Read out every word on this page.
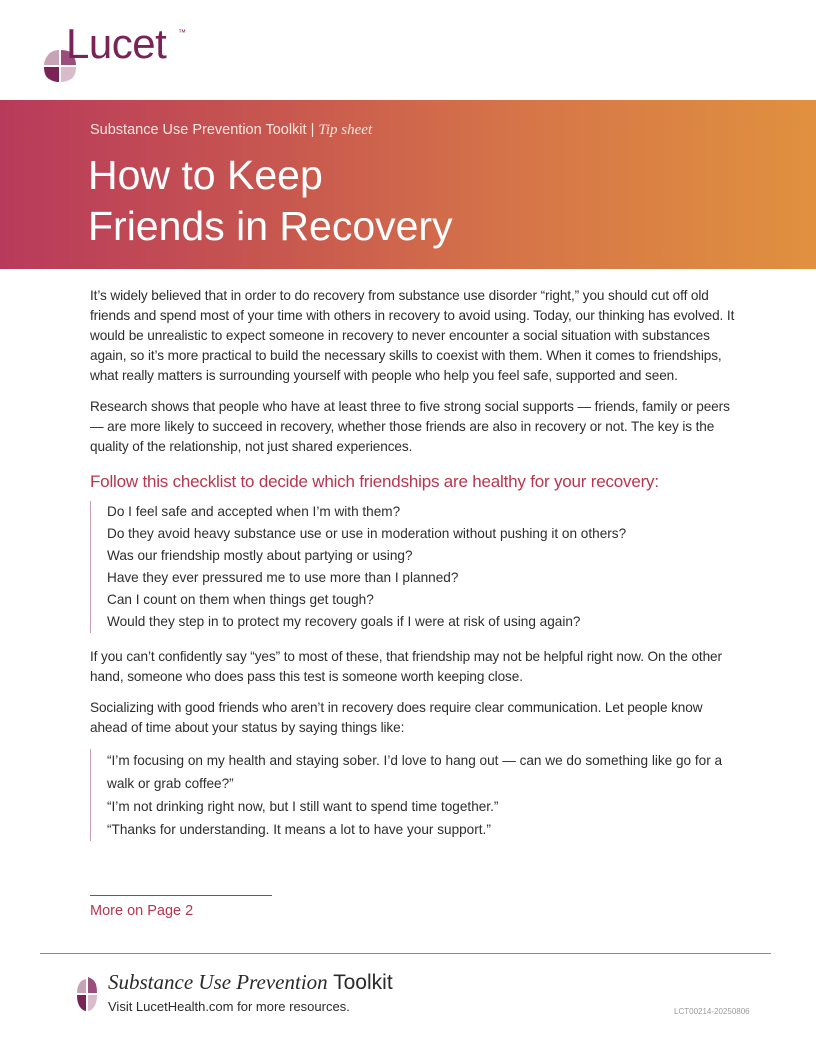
Lucet ™
Substance Use Prevention Toolkit | Tip sheet
How to Keep
Friends in Recovery

It’s widely believed that in order to do recovery from substance use disorder “right,” you should cut off old friends and spend most of your time with others in recovery to avoid using. Today, our thinking has evolved. It would be unrealistic to expect someone in recovery to never encounter a social situation with substances again, so it’s more practical to build the necessary skills to coexist with them. When it comes to friendships, what really matters is surrounding yourself with people who help you feel safe, supported and seen.

Research shows that people who have at least three to five strong social supports — friends, family or peers — are more likely to succeed in recovery, whether those friends are also in recovery or not. The key is the quality of the relationship, not just shared experiences.

Follow this checklist to decide which friendships are healthy for your recovery:
Do I feel safe and accepted when I’m with them?
Do they avoid heavy substance use or use in moderation without pushing it on others?
Was our friendship mostly about partying or using?
Have they ever pressured me to use more than I planned?
Can I count on them when things get tough?
Would they step in to protect my recovery goals if I were at risk of using again?

If you can’t confidently say “yes” to most of these, that friendship may not be helpful right now. On the other hand, someone who does pass this test is someone worth keeping close.

Socializing with good friends who aren’t in recovery does require clear communication. Let people know ahead of time about your status by saying things like:

“I’m focusing on my health and staying sober. I’d love to hang out — can we do something like go for a walk or grab coffee?”
“I’m not drinking right now, but I still want to spend time together.”
“Thanks for understanding. It means a lot to have your support.”
More on Page 2
Substance Use Prevention Toolkit
Visit LucetHealth.com for more resources.	LCT00214-20250806
